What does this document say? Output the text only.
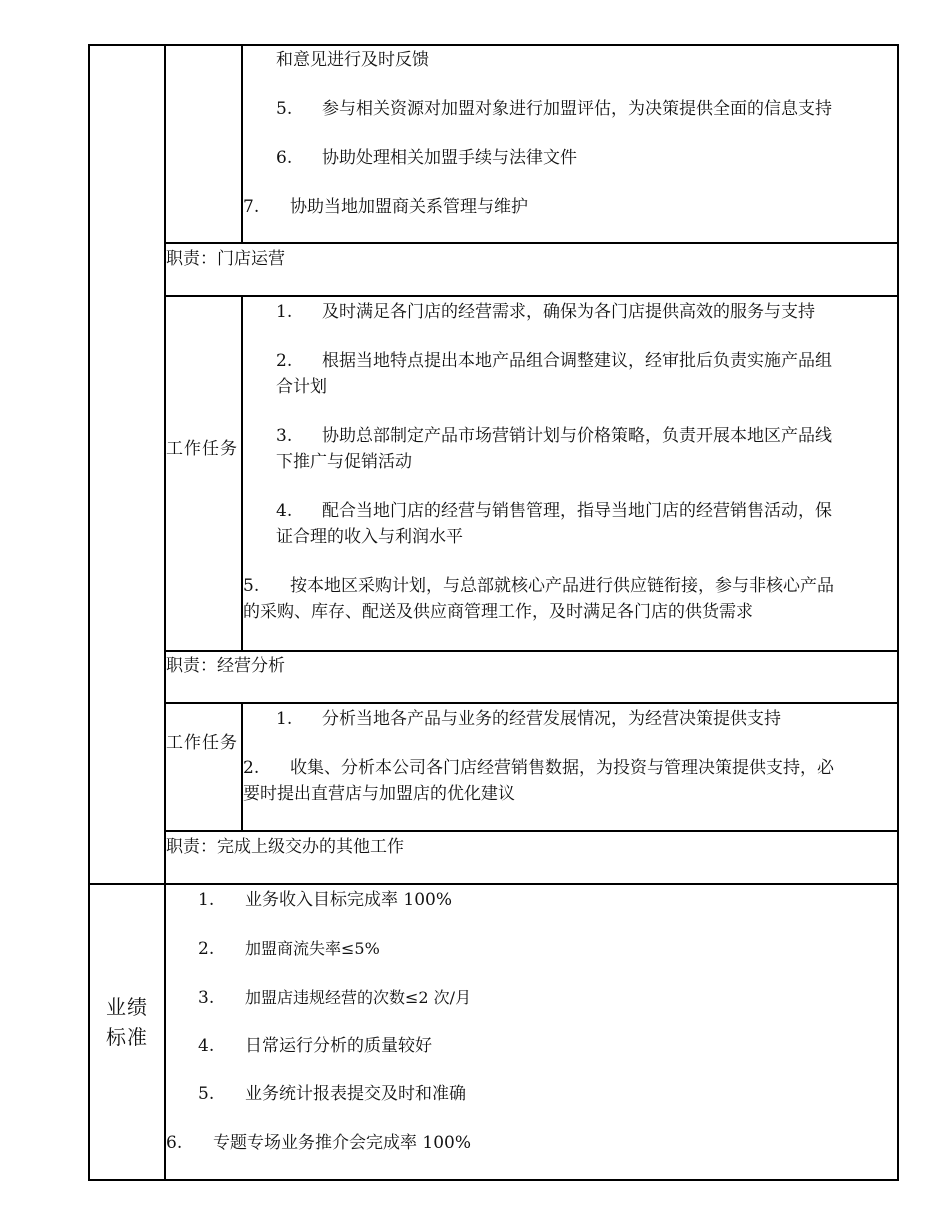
和意见进行及时反馈
5. 参与相关资源对加盟对象进行加盟评估，为决策提供全面的信息支持
6. 协助处理相关加盟手续与法律文件
7. 协助当地加盟商关系管理与维护
职责：门店运营
工作任务
1. 及时满足各门店的经营需求，确保为各门店提供高效的服务与支持
2. 根据当地特点提出本地产品组合调整建议，经审批后负责实施产品组
合计划
3. 协助总部制定产品市场营销计划与价格策略，负责开展本地区产品线
下推广与促销活动
4. 配合当地门店的经营与销售管理，指导当地门店的经营销售活动，保
证合理的收入与利润水平
5. 按本地区采购计划，与总部就核心产品进行供应链衔接，参与非核心产品
的采购、库存、配送及供应商管理工作，及时满足各门店的供货需求
职责：经营分析
工作任务
1. 分析当地各产品与业务的经营发展情况，为经营决策提供支持
2. 收集、分析本公司各门店经营销售数据，为投资与管理决策提供支持，必
要时提出直营店与加盟店的优化建议
职责：完成上级交办的其他工作
业绩标准
1. 业务收入目标完成率 100%
2. 加盟商流失率≤5%
3. 加盟店违规经营的次数≤2 次/月
4. 日常运行分析的质量较好
5. 业务统计报表提交及时和准确
6. 专题专场业务推介会完成率 100%
